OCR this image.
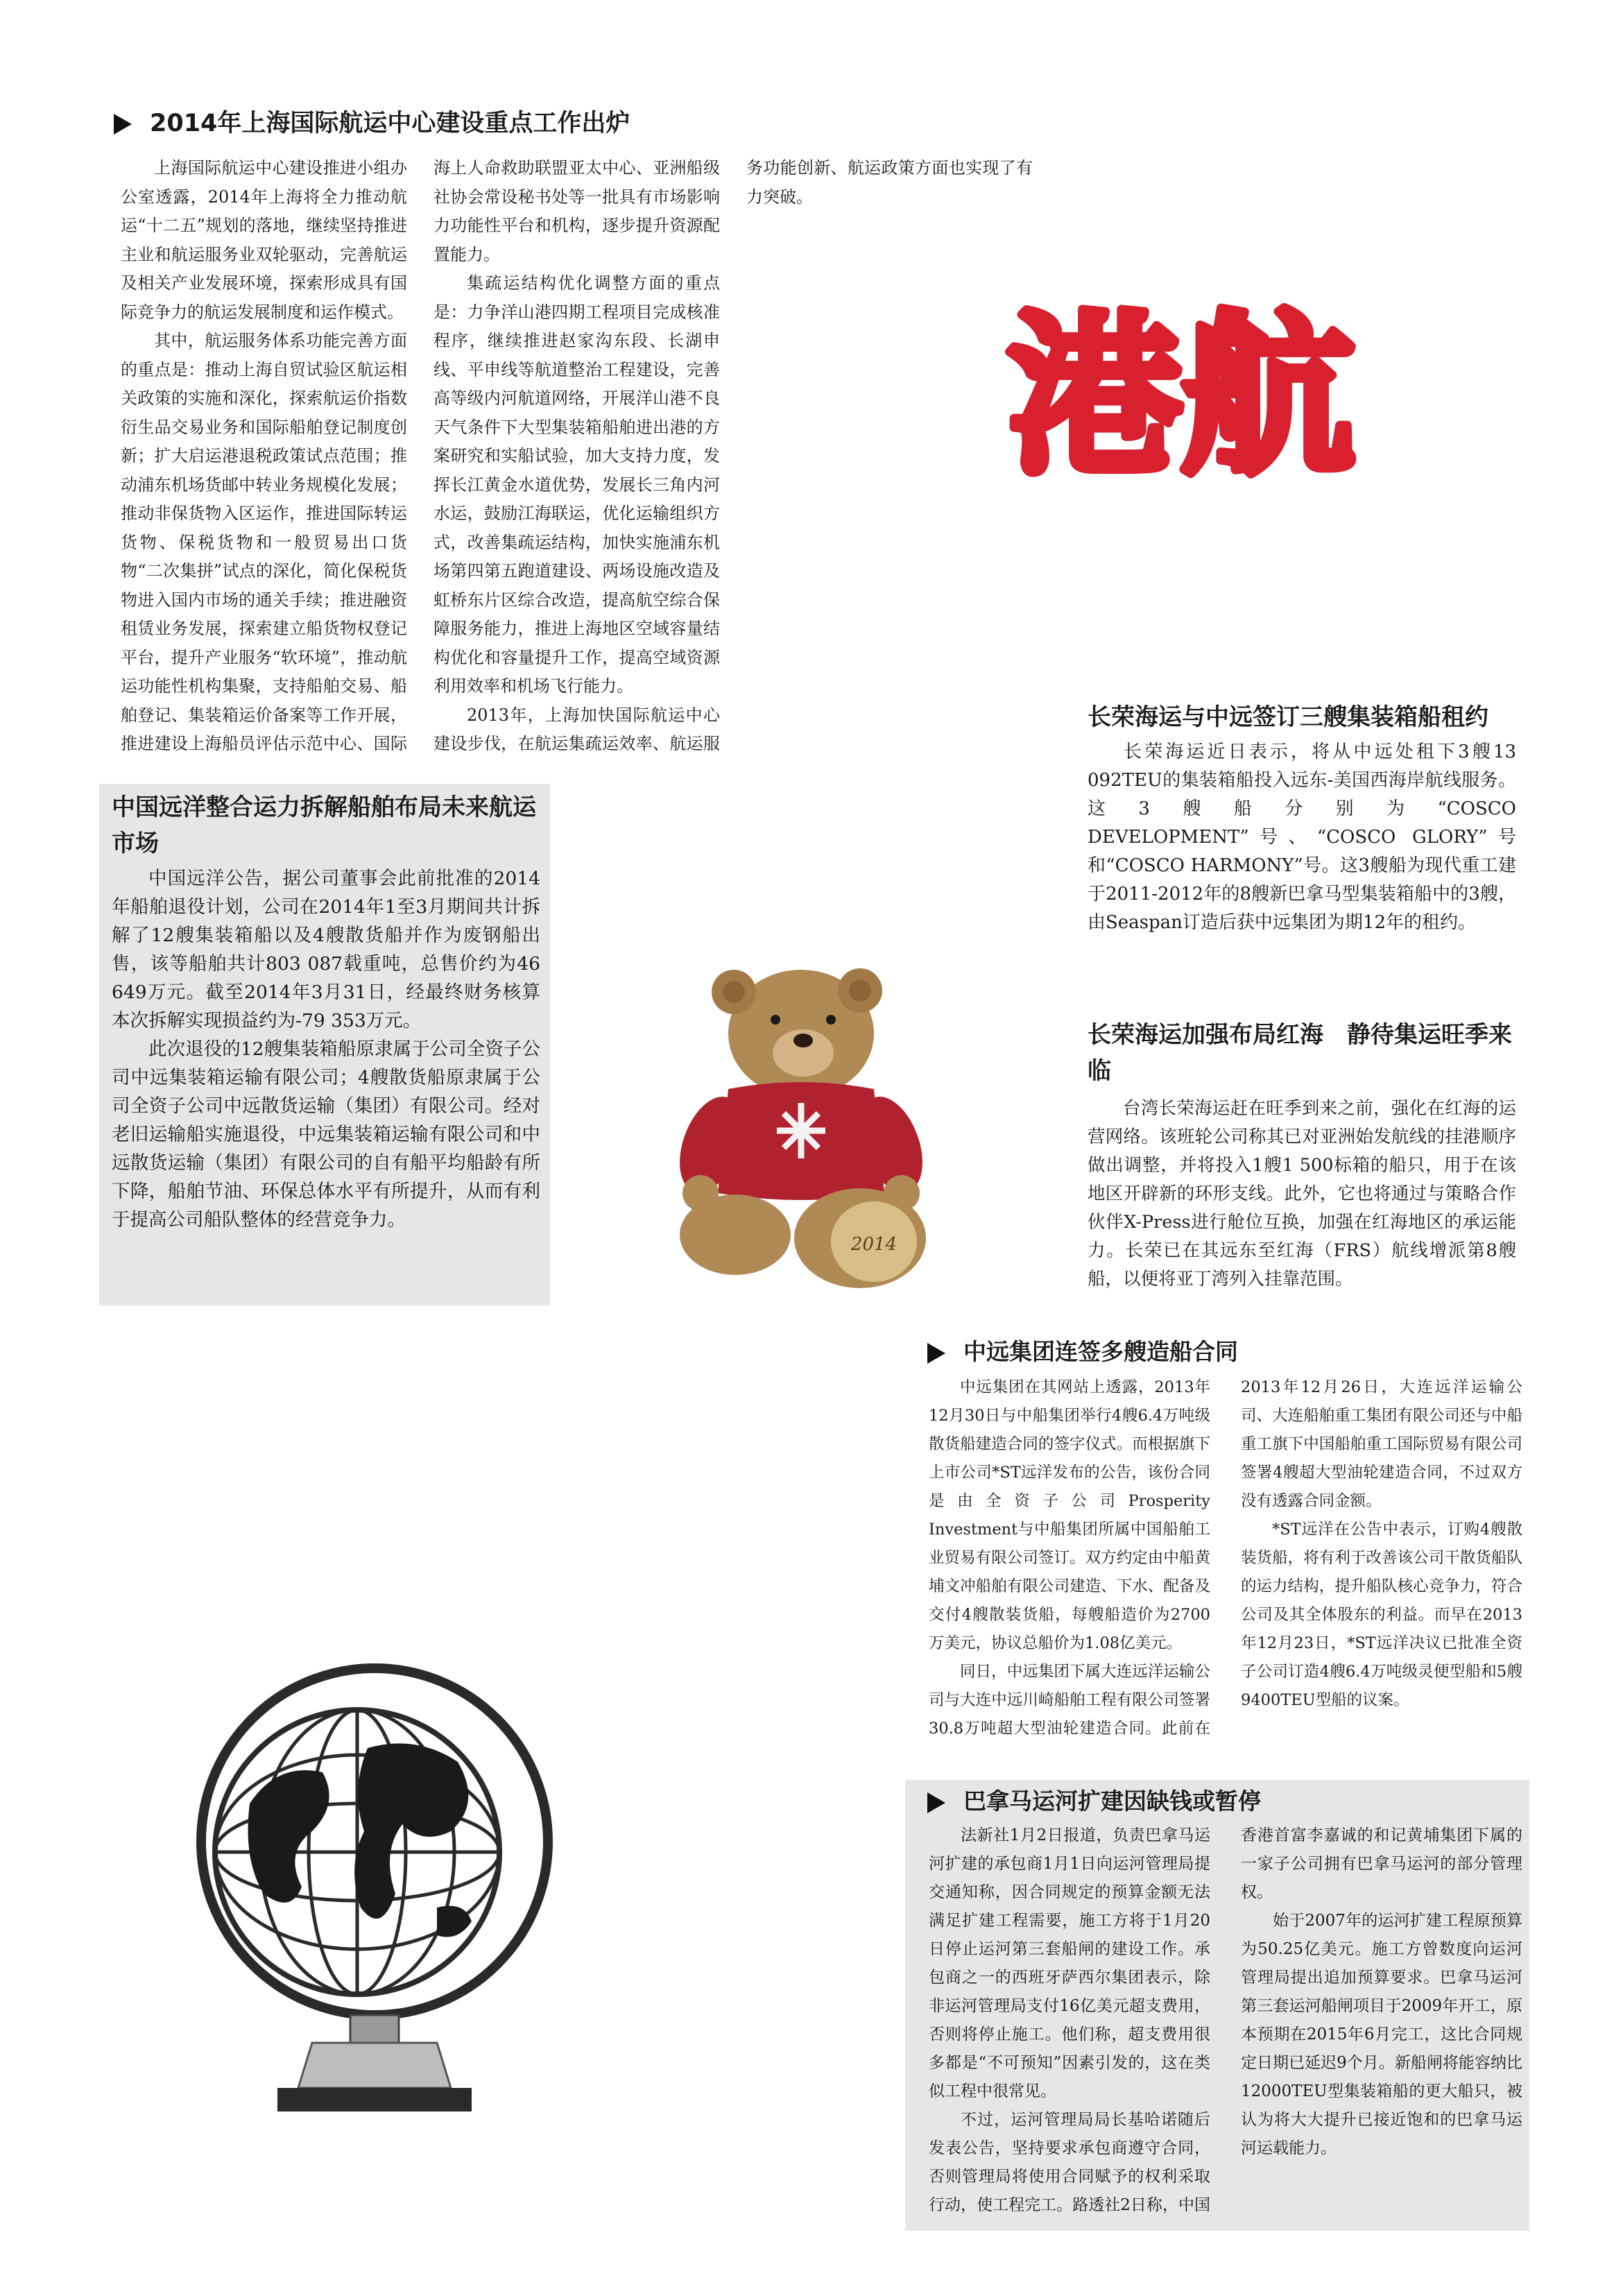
2014年上海国际航运中心建设重点工作出炉

上海国际航运中心建设推进小组办公室透露，2014年上海将全力推动航运“十二五”规划的落地，继续坚持推进主业和航运服务业双轮驱动，完善航运及相关产业发展环境，探索形成具有国际竞争力的航运发展制度和运作模式。

其中，航运服务体系功能完善方面的重点是：推动上海自贸试验区航运相关政策的实施和深化，探索航运价指数衍生品交易业务和国际船舶登记制度创新；扩大启运港退税政策试点范围；推动浦东机场货邮中转业务规模化发展；推动非保货物入区运作，推进国际转运货物、保税货物和一般贸易出口货物“二次集拼”试点的深化，简化保税货物进入国内市场的通关手续；推进融资租赁业务发展，探索建立船货物权登记平台，提升产业服务“软环境”，推动航运功能性机构集聚，支持船舶交易、船舶登记、集装箱运价备案等工作开展，推进建设上海船员评估示范中心、国际海上人命救助联盟亚太中心、亚洲船级社协会常设秘书处等一批具有市场影响力功能性平台和机构，逐步提升资源配置能力。

集疏运结构优化调整方面的重点是：力争洋山港四期工程项目完成核准程序，继续推进赵家沟东段、长湖申线、平申线等航道整治工程建设，完善高等级内河航道网络，开展洋山港不良天气条件下大型集装箱船舶进出港的方案研究和实船试验，加大支持力度，发挥长江黄金水道优势，发展长三角内河水运，鼓励江海联运，优化运输组织方式，改善集疏运结构，加快实施浦东机场第四第五跑道建设、两场设施改造及虹桥东片区综合改造，提高航空综合保障服务能力，推进上海地区空域容量结构优化和容量提升工作，提高空域资源利用效率和机场飞行能力。

2013年，上海加快国际航运中心建设步伐，在航运集疏运效率、航运服务功能创新、航运政策方面也实现了有力突破。

港航
中国远洋整合运力拆解船舶布局未来航运市场

中国远洋公告，据公司董事会此前批准的2014年船舶退役计划，公司在2014年1至3月期间共计拆解了12艘集装箱船以及4艘散货船并作为废钢船出售，该等船舶共计803 087载重吨，总售价约为46 649万元。截至2014年3月31日，经最终财务核算本次拆解实现损益约为-79 353万元。

此次退役的12艘集装箱船原隶属于公司全资子公司中远集装箱运输有限公司；4艘散货船原隶属于公司全资子公司中远散货运输（集团）有限公司。经对老旧运输船实施退役，中远集装箱运输有限公司和中远散货运输（集团）有限公司的自有船平均船龄有所下降，船舶节油、环保总体水平有所提升，从而有利于提高公司船队整体的经营竞争力。

长荣海运与中远签订三艘集装箱船租约

长荣海运近日表示，将从中远处租下3艘13 092TEU的集装箱船投入远东-美国西海岸航线服务。这3艘船分别为“COSCO DEVELOPMENT”号、“COSCO GLORY”号和“COSCO HARMONY”号。这3艘船为现代重工建于2011-2012年的8艘新巴拿马型集装箱船中的3艘，由Seaspan订造后获中远集团为期12年的租约。

长荣海运加强布局红海　静待集运旺季来临

台湾长荣海运赶在旺季到来之前，强化在红海的运营网络。该班轮公司称其已对亚洲始发航线的挂港顺序做出调整，并将投入1艘1 500标箱的船只，用于在该地区开辟新的环形支线。此外，它也将通过与策略合作伙伴X-Press进行舱位互换，加强在红海地区的承运能力。长荣已在其远东至红海（FRS）航线增派第8艘船，以便将亚丁湾列入挂靠范围。

2014
中远集团连签多艘造船合同

中远集团在其网站上透露，2013年12月30日与中船集团举行4艘6.4万吨级散货船建造合同的签字仪式。而根据旗下上市公司*ST远洋发布的公告，该份合同是由全资子公司Prosperity Investment与中船集团所属中国船舶工业贸易有限公司签订。双方约定由中船黄埔文冲船舶有限公司建造、下水、配备及交付4艘散装货船，每艘船造价为2700万美元，协议总船价为1.08亿美元。

同日，中远集团下属大连远洋运输公司与大连中远川崎船舶工程有限公司签署30.8万吨超大型油轮建造合同。此前在2013年12月26日，大连远洋运输公司、大连船舶重工集团有限公司还与中船重工旗下中国船舶重工国际贸易有限公司签署4艘超大型油轮建造合同，不过双方没有透露合同金额。

*ST远洋在公告中表示，订购4艘散装货船，将有利于改善该公司干散货船队的运力结构，提升船队核心竞争力，符合公司及其全体股东的利益。而早在2013年12月23日，*ST远洋决议已批准全资子公司订造4艘6.4万吨级灵便型船和5艘9400TEU型船的议案。

巴拿马运河扩建因缺钱或暂停

法新社1月2日报道，负责巴拿马运河扩建的承包商1月1日向运河管理局提交通知称，因合同规定的预算金额无法满足扩建工程需要，施工方将于1月20日停止运河第三套船闸的建设工作。承包商之一的西班牙萨西尔集团表示，除非运河管理局支付16亿美元超支费用，否则将停止施工。他们称，超支费用很多都是“不可预知”因素引发的，这在类似工程中很常见。

不过，运河管理局局长基哈诺随后发表公告，坚持要求承包商遵守合同，否则管理局将使用合同赋予的权利采取行动，使工程完工。路透社2日称，中国香港首富李嘉诚的和记黄埔集团下属的一家子公司拥有巴拿马运河的部分管理权。

始于2007年的运河扩建工程原预算为50.25亿美元。施工方曾数度向运河管理局提出追加预算要求。巴拿马运河第三套运河船闸项目于2009年开工，原本预期在2015年6月完工，这比合同规定日期已延迟9个月。新船闸将能容纳比12000TEU型集装箱船的更大船只，被认为将大大提升已接近饱和的巴拿马运河运载能力。
